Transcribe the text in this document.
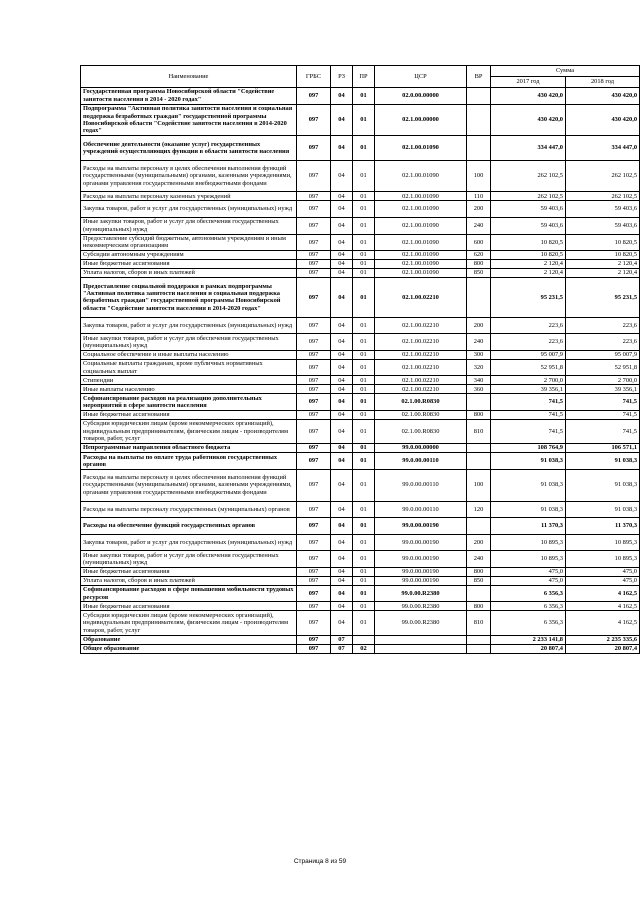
Наименование	ГРБС	РЗ	ПР	ЦСР	ВР	Сумма	
						2017 год	2018 год
Государственная программа Новосибирской области "Содействие занятости населения в 2014 - 2020 годах"	097	04	01	02.0.00.00000		430 420,0	430 420,0
Подпрограмма "Активная политика занятости населения и социальная поддержка безработных граждан" государственной программы Новосибирской области "Содействие занятости населения в 2014-2020 годах"	097	04	01	02.1.00.00000		430 420,0	430 420,0
Обеспечение деятельности (оказание услуг) государственных учреждений осуществляющих функции в области занятости населения	097	04	01	02.1.00.01090		334 447,0	334 447,0
Расходы на выплаты персоналу в целях обеспечения выполнения функций государственными (муниципальными) органами, казенными учреждениями, органами управления государственными внебюджетными фондами	097	04	01	02.1.00.01090	100	262 102,5	262 102,5
Расходы на выплаты персоналу казенных учреждений	097	04	01	02.1.00.01090	110	262 102,5	262 102,5
Закупка товаров, работ и услуг для государственных (муниципальных) нужд	097	04	01	02.1.00.01090	200	59 403,6	59 403,6
Иные закупки товаров, работ и услуг для обеспечения государственных (муниципальных) нужд	097	04	01	02.1.00.01090	240	59 403,6	59 403,6
Предоставление субсидий бюджетным, автономным учреждениям и иным некоммерческим организациям	097	04	01	02.1.00.01090	600	10 820,5	10 820,5
Субсидии автономным учреждениям	097	04	01	02.1.00.01090	620	10 820,5	10 820,5
Иные бюджетные ассигнования	097	04	01	02.1.00.01090	800	2 120,4	2 120,4
Уплата налогов, сборов и иных платежей	097	04	01	02.1.00.01090	850	2 120,4	2 120,4
Предоставление социальной поддержки в рамках подпрограммы "Активная политика занятости населения и социальная поддержка безработных граждан" государственной программы Новосибирской области "Содействие занятости населения в 2014-2020 годах"	097	04	01	02.1.00.02210		95 231,5	95 231,5
Закупка товаров, работ и услуг для государственных (муниципальных) нужд	097	04	01	02.1.00.02210	200	223,6	223,6
Иные закупки товаров, работ и услуг для обеспечения государственных (муниципальных) нужд	097	04	01	02.1.00.02210	240	223,6	223,6
Социальное обеспечение и иные выплаты населению	097	04	01	02.1.00.02210	300	95 007,9	95 007,9
Социальные выплаты гражданам, кроме публичных нормативных социальных выплат	097	04	01	02.1.00.02210	320	52 951,8	52 951,8
Стипендии	097	04	01	02.1.00.02210	340	2 700,0	2 700,0
Иные выплаты населению	097	04	01	02.1.00.02210	360	39 356,1	39 356,1
Софинансирование расходов на реализацию дополнительных мероприятий в сфере занятости населения	097	04	01	02.1.00.R0830		741,5	741,5
Иные бюджетные ассигнования	097	04	01	02.1.00.R0830	800	741,5	741,5
Субсидии юридическим лицам (кроме некоммерческих организаций), индивидуальным предпринимателям, физическим лицам - производителям товаров, работ, услуг	097	04	01	02.1.00.R0830	810	741,5	741,5
Непрограммные направления областного бюджета	097	04	01	99.0.00.00000		108 764,9	106 571,1
Расходы на выплаты по оплате труда работников государственных органов	097	04	01	99.0.00.00110		91 038,3	91 038,3
Расходы на выплаты персоналу в целях обеспечения выполнения функций государственными (муниципальными) органами, казенными учреждениями, органами управления государственными внебюджетными фондами	097	04	01	99.0.00.00110	100	91 038,3	91 038,3
Расходы на выплаты персоналу государственных (муниципальных) органов	097	04	01	99.0.00.00110	120	91 038,3	91 038,3
Расходы на обеспечение функций государственных органов	097	04	01	99.0.00.00190		11 370,3	11 370,3
Закупка товаров, работ и услуг для государственных (муниципальных) нужд	097	04	01	99.0.00.00190	200	10 895,3	10 895,3
Иные закупки товаров, работ и услуг для обеспечения государственных (муниципальных) нужд	097	04	01	99.0.00.00190	240	10 895,3	10 895,3
Иные бюджетные ассигнования	097	04	01	99.0.00.00190	800	475,0	475,0
Уплата налогов, сборов и иных платежей	097	04	01	99.0.00.00190	850	475,0	475,0
Софинансирование расходов в сфере повышения мобильности трудовых ресурсов	097	04	01	99.0.00.R2380		6 356,3	4 162,5
Иные бюджетные ассигнования	097	04	01	99.0.00.R2380	800	6 356,3	4 162,5
Субсидии юридическим лицам (кроме некоммерческих организаций), индивидуальным предпринимателям, физическим лицам - производителям товаров, работ, услуг	097	04	01	99.0.00.R2380	810	6 356,3	4 162,5
Образование	097	07				2 233 141,8	2 235 335,6
Общее образование	097	07	02			20 807,4	20 807,4
Страница 8 из 59
